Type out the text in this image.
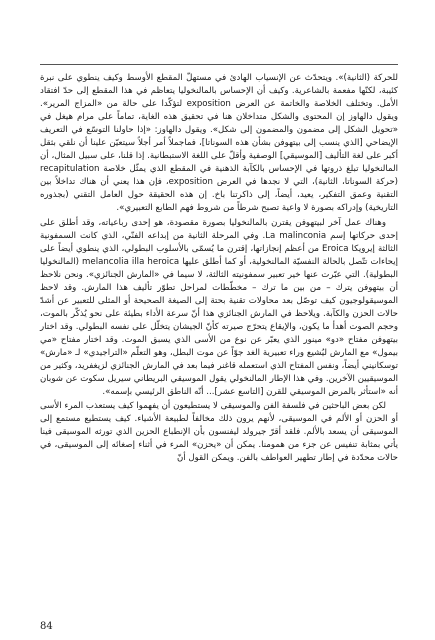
للحركة (الثانية)». ويتحدّث عن الإنسياب الهادئ في مستهلّ المقطع الأوسط وكيف ينطوي على نبرة كئيبة، لكنّها مفعمة بالشاعرية. وكيف أن الإحساس بالمالنخوليا يتعاظم في هذا المقطع إلى حدّ افتقاد الأمل. وتختلف الخلاصة والخاتمة عن العرض exposition لتؤكّدا على حالة من «المزاج المرير». ويقول دالهاوز إن المحتوى والشكل متداخلان هنا في تحقيق هذه الغاية، تماماً على مرام هيغل في «تحويل الشكل إلى مضمون والمضمون إلى شكل». ويقول دالهاوز: «إذا حاولنا التوسّع في التعريف الإيضاحي [الذي ينسب إلى بيتهوفن بشأن هذه السوناتا]، فماجملاً أمر أجلاً سيتعيّن علينا أن نلقي بثقل أكبر على لغة التأليف [الموسيقي] الوصفية وأقلّ على اللغة الاستبطانية. إذا قلنا، على سبيل المثال، أن المالنخوليا تبلغ ذروتها في الإحساس بالكآبة الذهنية في المقطع الذي يمثّل خلاصة recapitulation (حركة السوناتا، الثانية)، التي لا نجدها في العرض exposition، فإن هذا يعني أن هناك تداخلاً بين التقنية وعمق التفكير، يعيد، أيضاً، إلى ذاكرتنا باخ. إن هذه الحقيقة حول العامل التقني (بجذوره التاريخية) وإدراكه بصورة لا واعية تصبح شرطاً من شروط فهم الطابع التعبيري».

وهناك عمل آخر لبيتهوفن يقترن بالمالنخوليا بصورة مقصودة، هو إحدى رباعياته، وقد أطلق على إحدى حركاتها إسم La malinconia. وفي المرحلة الثانية من إبداعه الفنّي، الذي كانت السمفونية الثالثة إيرويكا Eroica من أعظم إنجازاتها، إقترن ما يُسمّى بالأسلوب البطولي، الذي ينطوي أيضاً على إيحاءات تتّصل بالحالة النفسيّة المالنخولية، أو كما أطلق عليها melancolia illa heroica (المالنخوليا البطولية). التي عبّرت عنها خير تعبير سمفونيته الثالثة، لا سيما في «المارش الجنائزي». ونحن نلاحظ أن بيتهوفن يترك – من بين ما ترك – مخطّطات لمراحل تطوّر تأليف هذا المارش. وقد لاحظ الموسيقولوجيون كيف توصّل بعد محاولات تقنية بحتة إلى الصيغة الصحيحة أو المثلى للتعبير عن أشدّ حالات الحزن والكآبة. ويلاحظ في المارش الجنائزي هذا أنّ سرعة الأداء بطيئة على نحو يُذكّر بالموت، وحجم الصوت أهدأ ما يكون، والإيقاع يتحرّج صيرته كأنّ الجيشان يتخلّل على نفسه البطولي. وقد اختار بيتهوفن مفتاح «دو» مينور الذي يعبّر عن نوع من الأسى الذي يسبق الموت. وقد اختار مفتاح «مي بيمول» مع المارش ليُشيع وراء تعبيرية الغد جوّاً عن موت البطل، وهو التعلّم «التراجيدي» لـ «مارش» توسكانيني أيضاً، ونفس المفتاح الذي استعمله قاغنر فيما بعد في المارش الجنائزي لزيغفريد، وكثير من الموسيقيين الآخرين. وفي هذا الإطار المالنخولي يقول الموسيقي البريطاني سيريل سكوت عن شوبان أنه «استأثر بالمرض الموسيقي للقرن [التاسع عشر]... أنّه الناطق الرئيسي بإسمه».

لكن بعض الباحثين في فلسفة الفن والموسيقى لا يستطيعون أن يفهموا كيف يستعذب المرء الأسى أو الحزن أو الألم في الموسيقى، لأنهم يرون ذلك مخالفاً لطبيعة الأشياء. كيف يستطيع مستمع إلى الموسيقى أن يسعد بالألم. فلقد أقرّ جيرولد ليفنسون بأن الإنطباع الحزين الذي تورثه الموسيقى فينا يأتي بمثابة تنفيس عن جزء من همومنا. يمكن أن «يحزن» المرء في أثناء إصغائه إلى الموسيقى، في حالات محدّدة في إطار تطهير العواطف بالفن. ويمكن القول أنّ

84
